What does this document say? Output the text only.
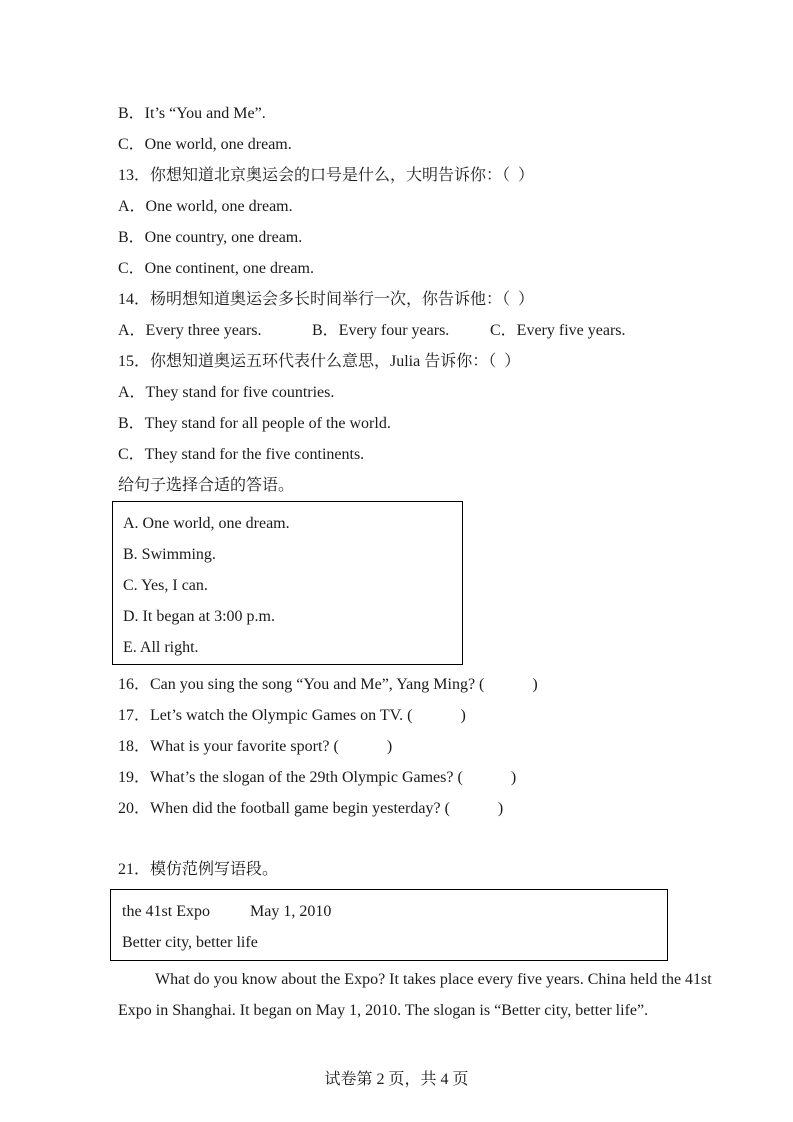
B．It’s “You and Me”.
C．One world, one dream.
13．你想知道北京奥运会的口号是什么，大明告诉你：（  ）
A．One world, one dream.
B．One country, one dream.
C．One continent, one dream.
14．杨明想知道奥运会多长时间举行一次，你告诉他：（  ）
A．Every three years.	B．Every four years.	C．Every five years.
15．你想知道奥运五环代表什么意思，Julia 告诉你：（  ）
A．They stand for five countries.
B．They stand for all people of the world.
C．They stand for the five continents.
给句子选择合适的答语。
A. One world, one dream.
B. Swimming.
C. Yes, I can.
D. It began at 3:00 p.m.
E. All right.
16．Can you sing the song “You and Me”, Yang Ming? (            )
17．Let’s watch the Olympic Games on TV. (            )
18．What is your favorite sport? (            )
19．What’s the slogan of the 29th Olympic Games? (            )
20．When did the football game begin yesterday? (            )
21．模仿范例写语段。
the 41st Expo          May 1, 2010
Better city, better life
What do you know about the Expo? It takes place every five years. China held the 41st
Expo in Shanghai. It began on May 1, 2010. The slogan is “Better city, better life”.
试卷第 2 页，共 4 页
